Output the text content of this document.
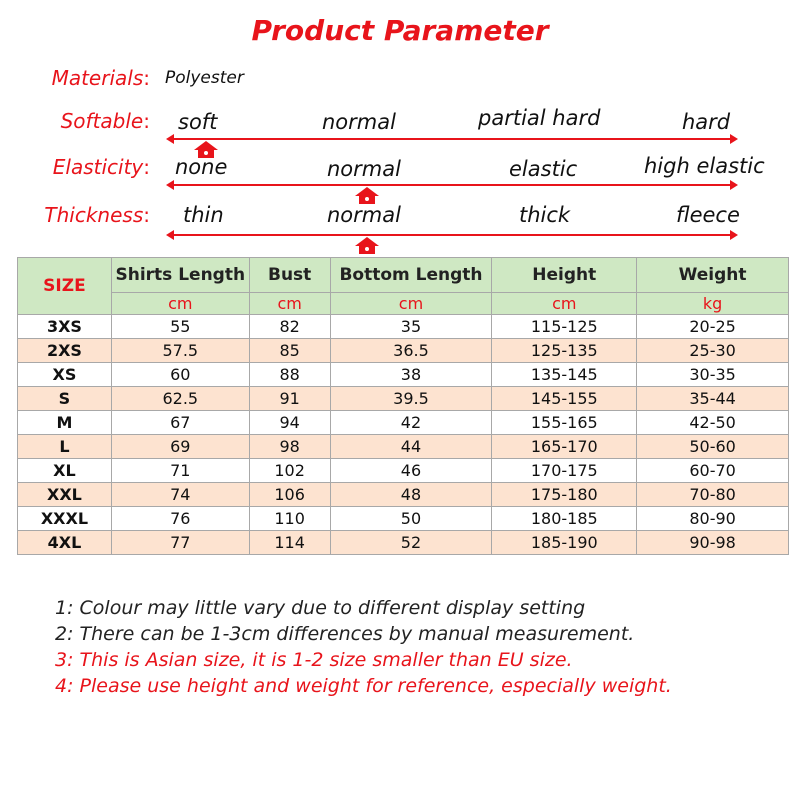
Product Parameter
Materials: Polyester
Softable: soft	normal	partial hard	hard
Elasticity: none	normal	elastic	high elastic
Thickness: thin	normal	thick	fleece
SIZE	Shirts Length	Bust	Bottom Length	Height	Weight
	cm	cm	cm	cm	kg
3XS	55	82	35	115-125	20-25
2XS	57.5	85	36.5	125-135	25-30
XS	60	88	38	135-145	30-35
S	62.5	91	39.5	145-155	35-44
M	67	94	42	155-165	42-50
L	69	98	44	165-170	50-60
XL	71	102	46	170-175	60-70
XXL	74	106	48	175-180	70-80
XXXL	76	110	50	180-185	80-90
4XL	77	114	52	185-190	90-98
1: Colour may little vary due to different display setting
2: There can be 1-3cm differences by manual measurement.
3: This is Asian size, it is 1-2 size smaller than EU size.
4: Please use height and weight for reference, especially weight.
